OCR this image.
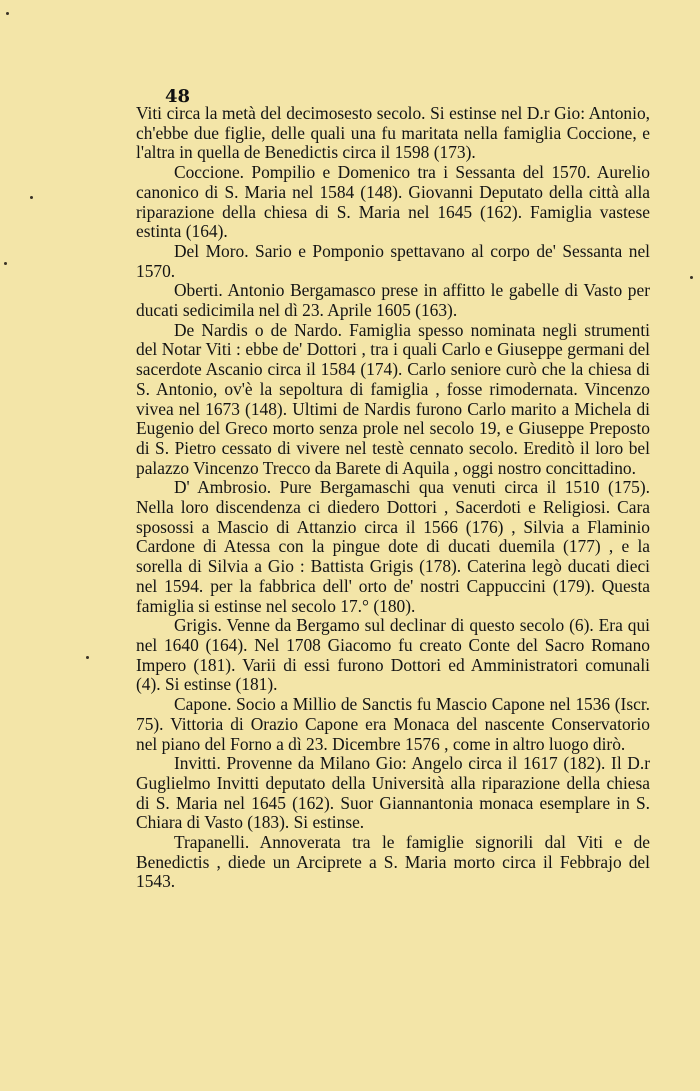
48

Viti circa la metà del decimosesto secolo. Si estinse nel D.r Gio: Antonio, ch'ebbe due figlie, delle quali una fu maritata nella famiglia Coccione, e l'altra in quella de Benedictis circa il 1598 (173).

Coccione. Pompilio e Domenico tra i Sessanta del 1570. Aurelio canonico di S. Maria nel 1584 (148). Giovanni Deputato della città alla riparazione della chiesa di S. Maria nel 1645 (162). Famiglia vastese estinta (164).

Del Moro. Sario e Pomponio spettavano al corpo de' Sessanta nel 1570.

Oberti. Antonio Bergamasco prese in affitto le gabelle di Vasto per ducati sedicimila nel dì 23. Aprile 1605 (163).

De Nardis o de Nardo. Famiglia spesso nominata negli strumenti del Notar Viti : ebbe de' Dottori , tra i quali Carlo e Giuseppe germani del sacerdote Ascanio circa il 1584 (174). Carlo seniore curò che la chiesa di S. Antonio, ov'è la sepoltura di famiglia , fosse rimodernata. Vincenzo vivea nel 1673 (148). Ultimi de Nardis furono Carlo marito a Michela di Eugenio del Greco morto senza prole nel secolo 19, e Giuseppe Preposto di S. Pietro cessato di vivere nel testè cennato secolo. Ereditò il loro bel palazzo Vincenzo Trecco da Barete di Aquila , oggi nostro concittadino.

D' Ambrosio. Pure Bergamaschi qua venuti circa il 1510 (175). Nella loro discendenza ci diedero Dottori , Sacerdoti e Religiosi. Cara sposossi a Mascio di Attanzio circa il 1566 (176) , Silvia a Flaminio Cardone di Atessa con la pingue dote di ducati duemila (177) , e la sorella di Silvia a Gio : Battista Grigis (178). Caterina legò ducati dieci nel 1594. per la fabbrica dell' orto de' nostri Cappuccini (179). Questa famiglia si estinse nel secolo 17.° (180).

Grigis. Venne da Bergamo sul declinar di questo secolo (6). Era qui nel 1640 (164). Nel 1708 Giacomo fu creato Conte del Sacro Romano Impero (181). Varii di essi furono Dottori ed Amministratori comunali (4). Si estinse (181).

Capone. Socio a Millio de Sanctis fu Mascio Capone nel 1536 (Iscr. 75). Vittoria di Orazio Capone era Monaca del nascente Conservatorio nel piano del Forno a dì 23. Dicembre 1576 , come in altro luogo dirò.

Invitti. Provenne da Milano Gio: Angelo circa il 1617 (182). Il D.r Guglielmo Invitti deputato della Università alla riparazione della chiesa di S. Maria nel 1645 (162). Suor Giannantonia monaca esemplare in S. Chiara di Vasto (183). Si estinse.

Trapanelli. Annoverata tra le famiglie signorili dal Viti e de Benedictis , diede un Arciprete a S. Maria morto circa il Febbrajo del 1543.
